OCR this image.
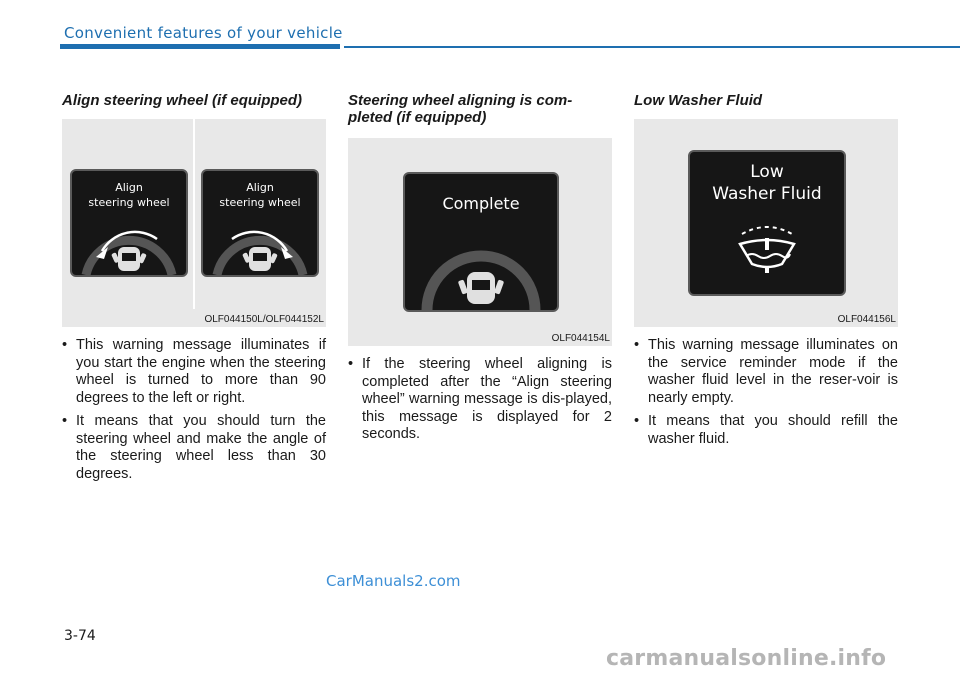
Convenient features of your vehicle
Align steering wheel (if equipped)
Align
steering wheel
Align
steering wheel
OLF044150L/OLF044152L
• This warning message illuminates if you start the engine when the steering wheel is turned to more than 90 degrees to the left or right.
• It means that you should turn the steering wheel and make the angle of the steering wheel less than 30 degrees.
Steering wheel aligning is com-
pleted (if equipped)
Complete
OLF044154L
• If the steering wheel aligning is completed after the “Align steering wheel” warning message is dis-played, this message is displayed for 2 seconds.
Low Washer Fluid
Low
Washer Fluid
OLF044156L
• This warning message illuminates on the service reminder mode if the washer fluid level in the reser-voir is nearly empty.
• It means that you should refill the washer fluid.
CarManuals2.com
3-74
carmanualsonline.info
